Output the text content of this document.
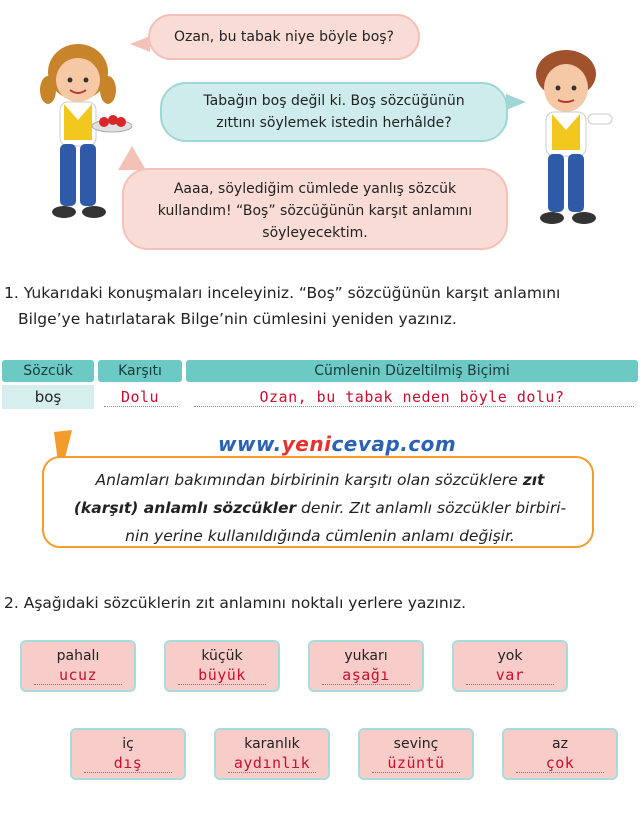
Ozan, bu tabak niye böyle boş?
Tabağın boş değil ki. Boş sözcüğünün
zıttını söylemek istedin herhâlde?
Aaaa, söylediğim cümlede yanlış sözcük
kullandım! “Boş” sözcüğünün karşıt anlamını
söyleyecektim.
1. Yukarıdaki konuşmaları inceleyiniz. “Boş” sözcüğünün karşıt anlamını
Bilge’ye hatırlatarak Bilge’nin cümlesini yeniden yazınız.
Sözcük	Karşıtı	Cümlenin Düzeltilmiş Biçimi
boş	Dolu	Ozan, bu tabak neden böyle dolu?
www.yenicevap.com
Anlamları bakımından birbirinin karşıtı olan sözcüklere zıt
(karşıt) anlamlı sözcükler denir. Zıt anlamlı sözcükler birbiri-
nin yerine kullanıldığında cümlenin anlamı değişir.
2. Aşağıdaki sözcüklerin zıt anlamını noktalı yerlere yazınız.
pahalı
ucuz
küçük
büyük
yukarı
aşağı
yok
var
iç
dış
karanlık
aydınlık
sevinç
üzüntü
az
çok
